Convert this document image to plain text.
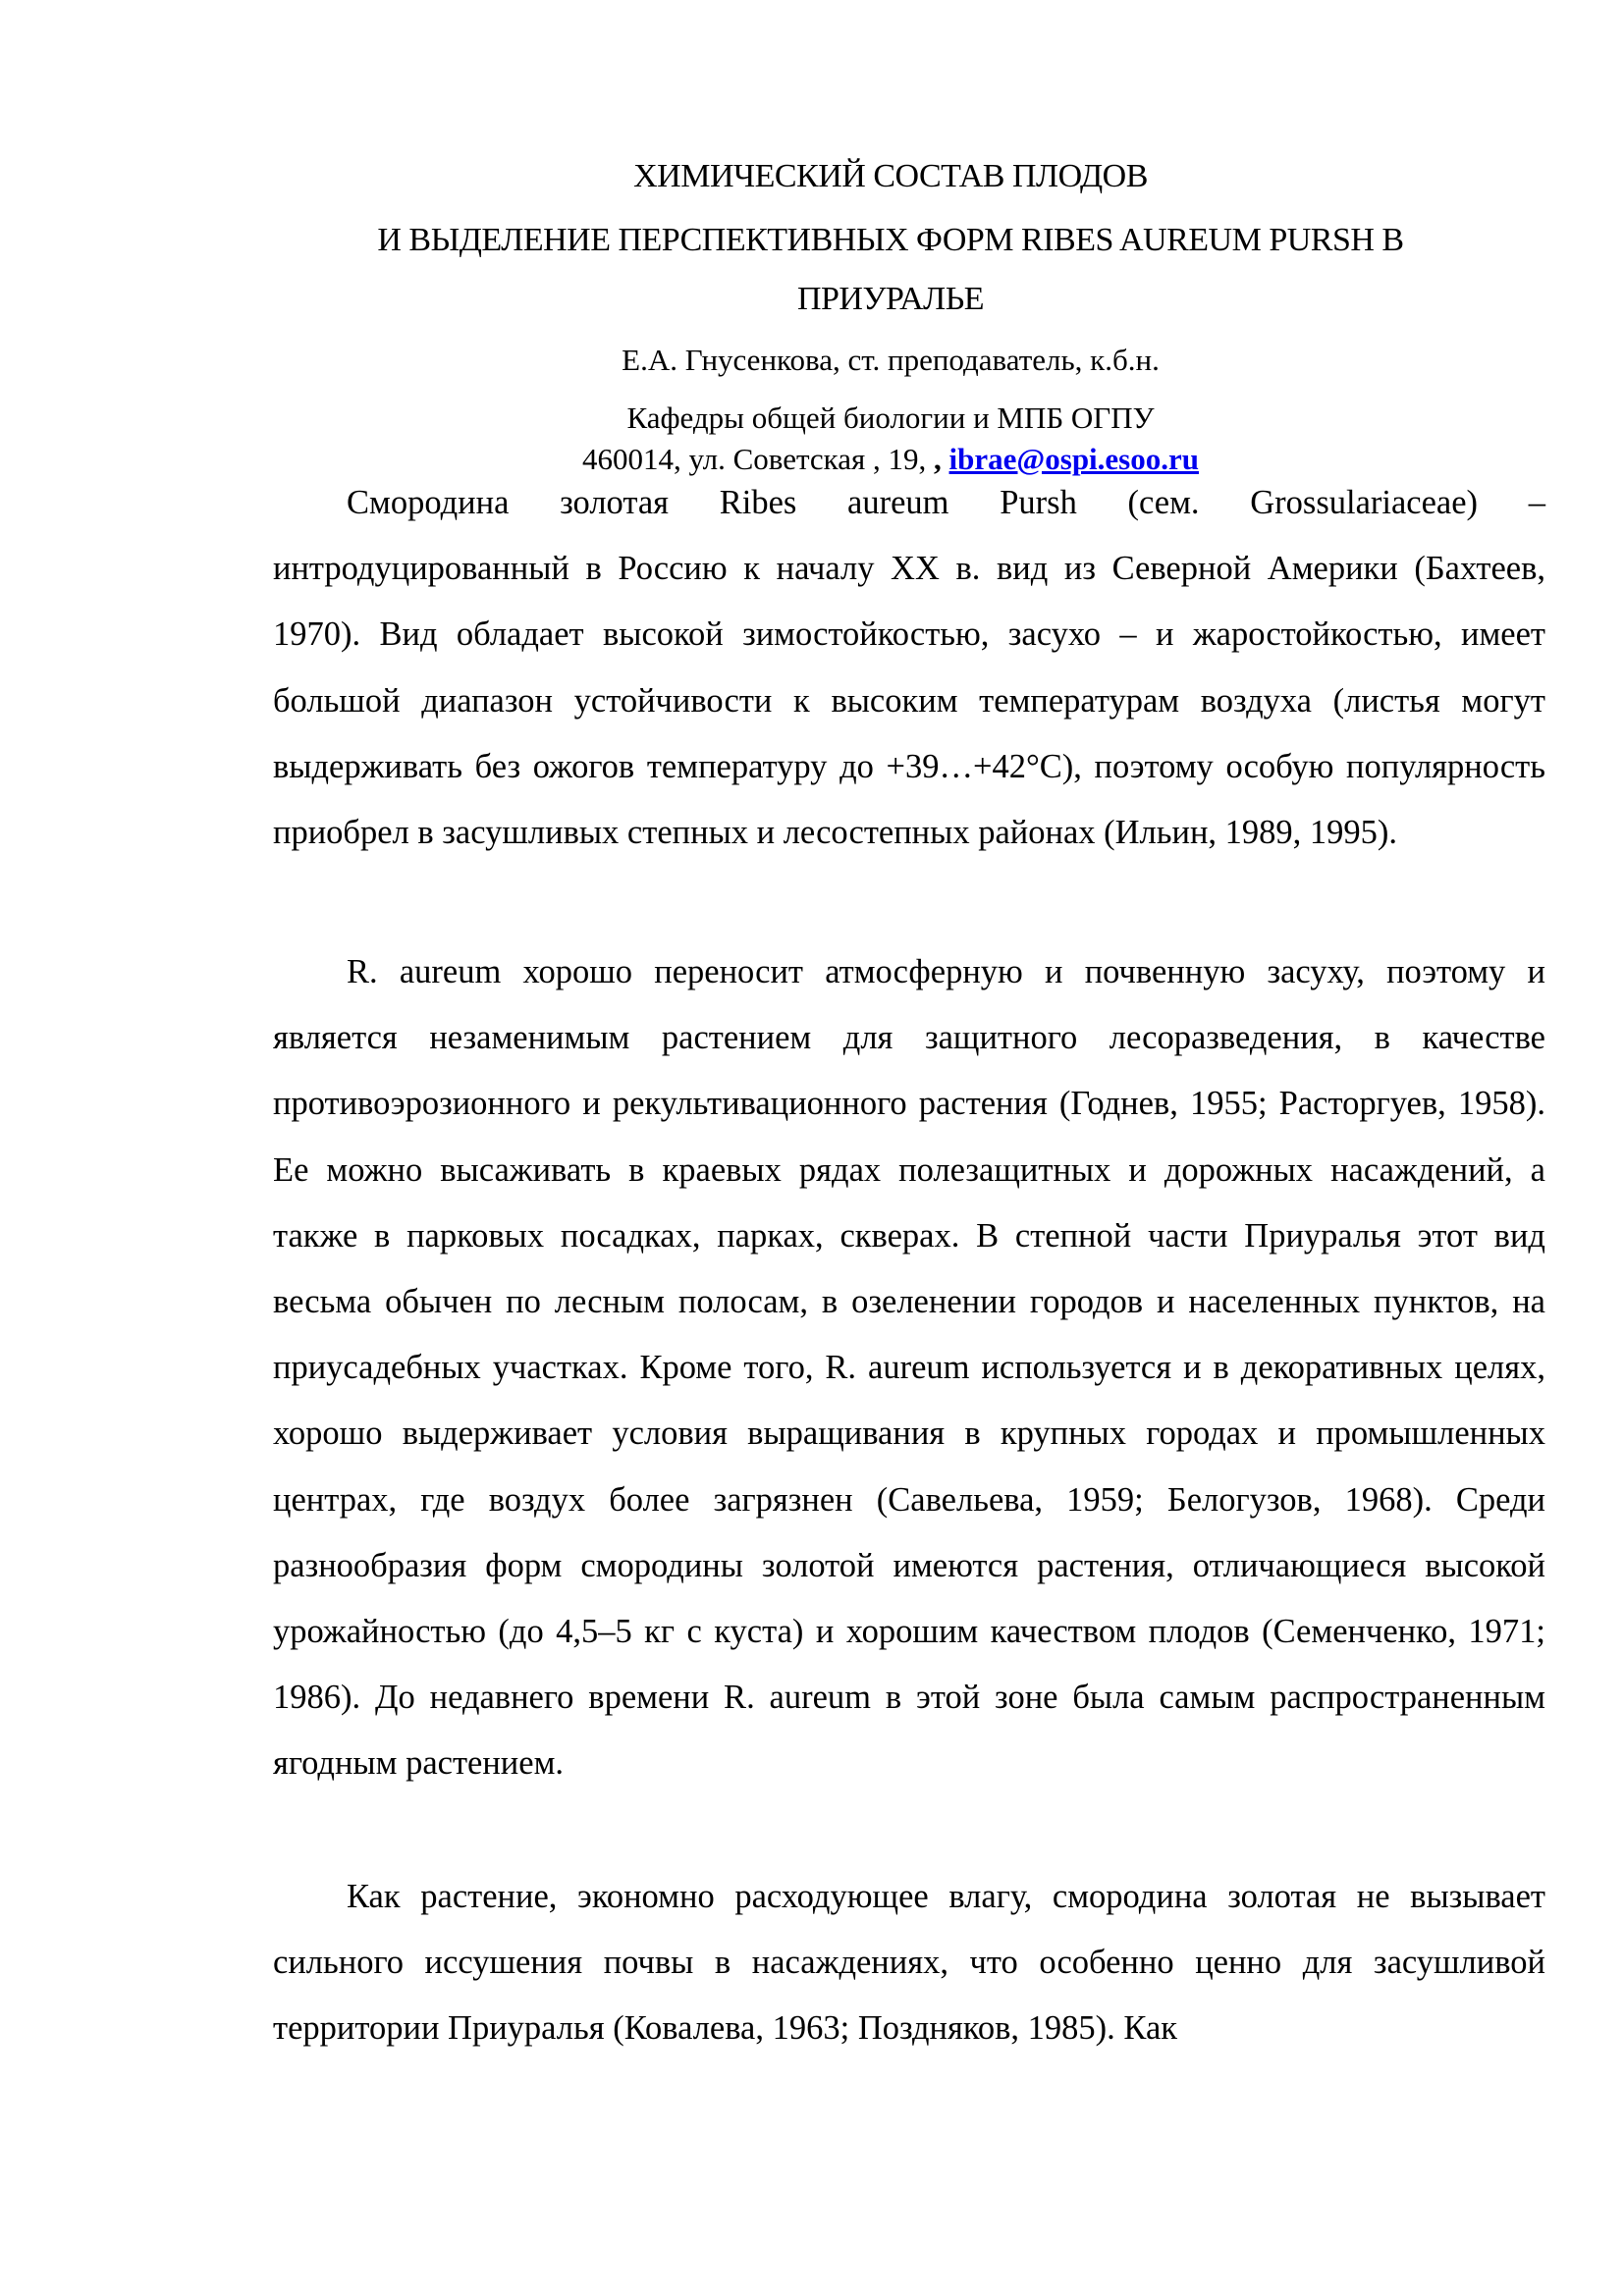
ХИМИЧЕСКИЙ СОСТАВ ПЛОДОВ
И ВЫДЕЛЕНИЕ ПЕРСПЕКТИВНЫХ ФОРМ RIBES AUREUM PURSH В
ПРИУРАЛЬЕ
Е.А. Гнусенкова, ст. преподаватель, к.б.н.
Кафедры общей биологии и МПБ ОГПУ
460014, ул. Советская , 19, , ibrae@ospi.esoo.ru

Смородина золотая Ribes aureum Pursh (сем. Grossulariaceae) – интродуцированный в Россию к началу XX в. вид из Северной Америки (Бахтеев, 1970). Вид обладает высокой зимостойкостью, засухо – и жаростойкостью, имеет большой диапазон устойчивости к высоким температурам воздуха (листья могут выдерживать без ожогов температуру до +39…+42°С), поэтому особую популярность приобрел в засушливых степных и лесостепных районах (Ильин, 1989, 1995).

R. aureum хорошо переносит атмосферную и почвенную засуху, поэтому и является незаменимым растением для защитного лесоразведения, в качестве противоэрозионного и рекультивационного растения (Годнев, 1955; Расторгуев, 1958). Ее можно высаживать в краевых рядах полезащитных и дорожных насаждений, а также в парковых посадках, парках, скверах. В степной части Приуралья этот вид весьма обычен по лесным полосам, в озеленении городов и населенных пунктов, на приусадебных участках. Кроме того, R. aureum используется и в декоративных целях, хорошо выдерживает условия выращивания в крупных городах и промышленных центрах, где воздух более загрязнен (Савельева, 1959; Белогузов, 1968). Среди разнообразия форм смородины золотой имеются растения, отличающиеся высокой урожайностью (до 4,5–5 кг с куста) и хорошим качеством плодов (Семенченко, 1971; 1986). До недавнего времени R. aureum в этой зоне была самым распространенным ягодным растением.

Как растение, экономно расходующее влагу, смородина золотая не вызывает сильного иссушения почвы в насаждениях, что особенно ценно для засушливой территории Приуралья (Ковалева, 1963; Поздняков, 1985). Как
